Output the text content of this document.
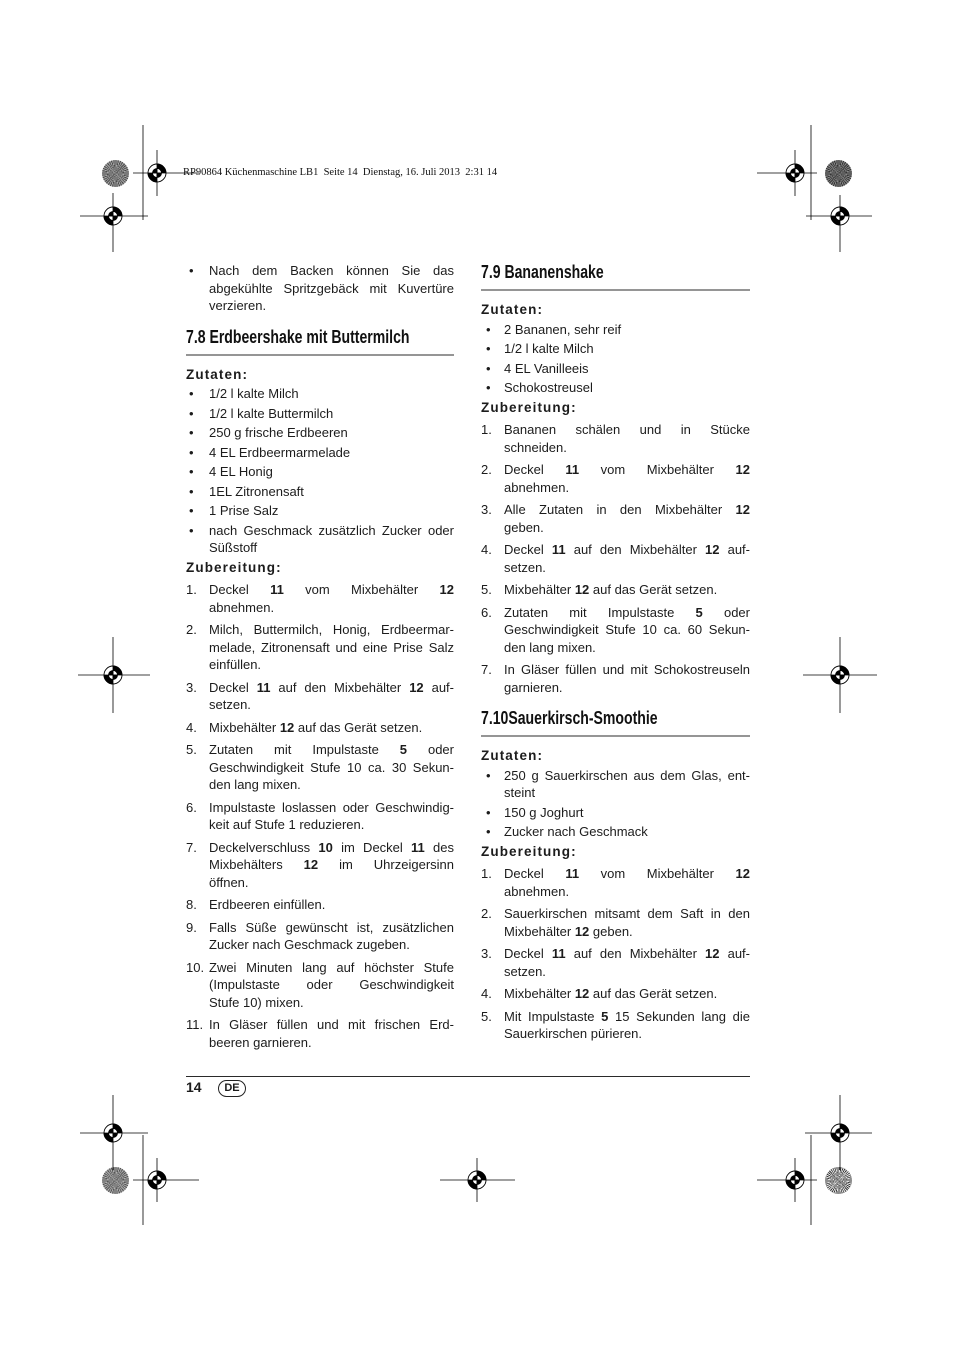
RP90864 Küchenmaschine LB1  Seite 14  Dienstag, 16. Juli 2013  2:31 14
•
Nach dem Backen können Sie das
abgekühlte Spritzgebäck mit Kuvertüre
verzieren.
7.8 Erdbeershake mit Buttermilch
Zutaten:
•
1/2 l kalte Milch
•
1/2 l kalte Buttermilch
•
250 g frische Erdbeeren
•
4 EL Erdbeermarmelade
•
4 EL Honig
•
1EL Zitronensaft
•
1 Prise Salz
•
nach Geschmack zusätzlich Zucker oder
Süßstoff
Zubereitung:
1. Deckel 11 vom Mixbehälter 12
abnehmen.
2. Milch, Buttermilch, Honig, Erdbeermar-
melade, Zitronensaft und eine Prise Salz
einfüllen.
3. Deckel 11 auf den Mixbehälter 12 auf-
setzen.
4. Mixbehälter 12 auf das Gerät setzen.
5. Zutaten mit Impulstaste 5 oder
Geschwindigkeit Stufe 10 ca. 30 Sekun-
den lang mixen.
6. Impulstaste loslassen oder Geschwindig-
keit auf Stufe 1 reduzieren.
7. Deckelverschluss 10 im Deckel 11 des
Mixbehälters 12 im Uhrzeigersinn
öffnen.
8. Erdbeeren einfüllen.
9. Falls Süße gewünscht ist, zusätzlichen
Zucker nach Geschmack zugeben.
10. Zwei Minuten lang auf höchster Stufe
(Impulstaste oder Geschwindigkeit
Stufe 10) mixen.
11. In Gläser füllen und mit frischen Erd-
beeren garnieren.
7.9 Bananenshake
Zutaten:
•
2 Bananen, sehr reif
•
1/2 l kalte Milch
•
4 EL Vanilleeis
•
Schokostreusel
Zubereitung:
1. Bananen schälen und in Stücke
schneiden.
2. Deckel 11 vom Mixbehälter 12
abnehmen.
3. Alle Zutaten in den Mixbehälter 12
geben.
4. Deckel 11 auf den Mixbehälter 12 auf-
setzen.
5. Mixbehälter 12 auf das Gerät setzen.
6. Zutaten mit Impulstaste 5 oder
Geschwindigkeit Stufe 10 ca. 60 Sekun-
den lang mixen.
7. In Gläser füllen und mit Schokostreuseln
garnieren.
7.10Sauerkirsch-Smoothie
Zutaten:
•
250 g Sauerkirschen aus dem Glas, ent-
steint
•
150 g Joghurt
•
Zucker nach Geschmack
Zubereitung:
1. Deckel 11 vom Mixbehälter 12
abnehmen.
2. Sauerkirschen mitsamt dem Saft in den
Mixbehälter 12 geben.
3. Deckel 11 auf den Mixbehälter 12 auf-
setzen.
4. Mixbehälter 12 auf das Gerät setzen.
5. Mit Impulstaste 5 15 Sekunden lang die
Sauerkirschen pürieren.
14	DE
